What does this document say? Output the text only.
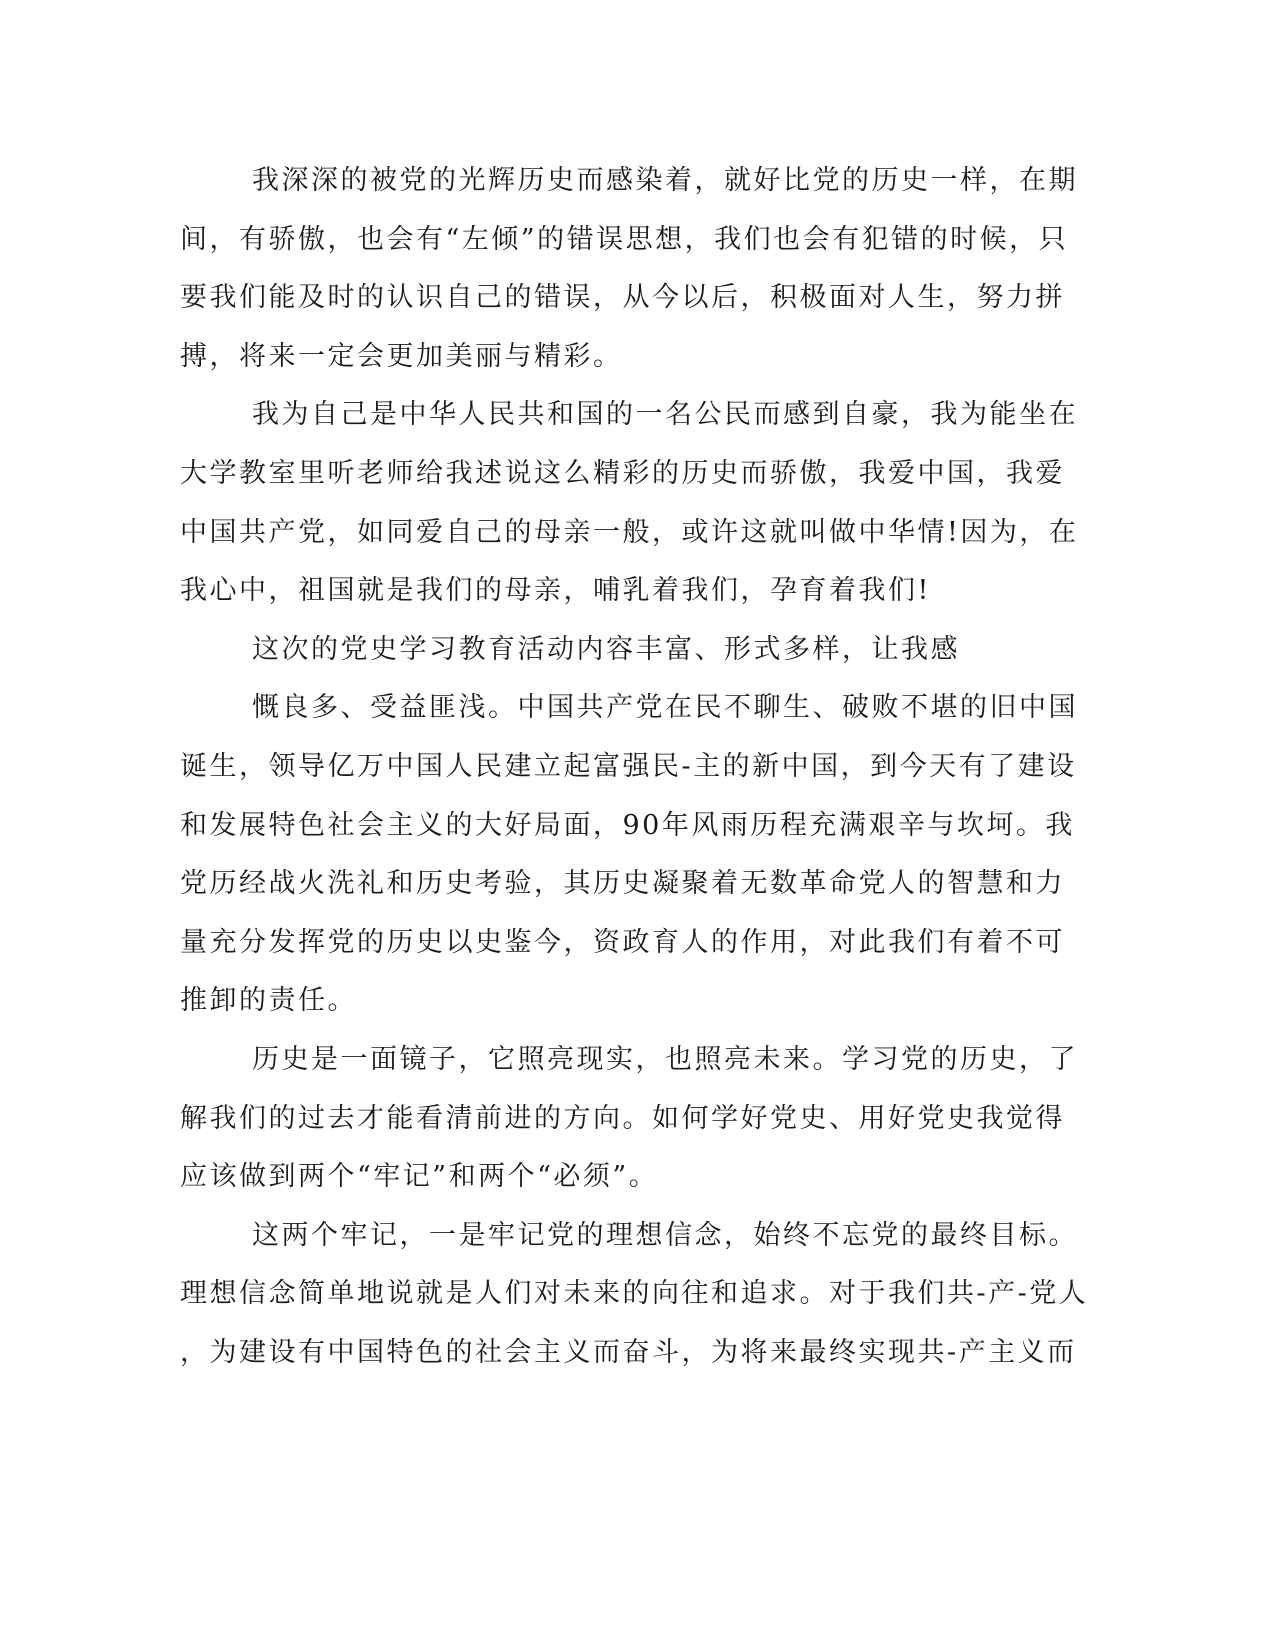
我深深的被党的光辉历史而感染着，就好比党的历史一样，在期
间，有骄傲，也会有“左倾”的错误思想，我们也会有犯错的时候，只
要我们能及时的认识自己的错误，从今以后，积极面对人生，努力拼
搏，将来一定会更加美丽与精彩。
我为自己是中华人民共和国的一名公民而感到自豪，我为能坐在
大学教室里听老师给我述说这么精彩的历史而骄傲，我爱中国，我爱
中国共产党，如同爱自己的母亲一般，或许这就叫做中华情!因为，在
我心中，祖国就是我们的母亲，哺乳着我们，孕育着我们!
这次的党史学习教育活动内容丰富、形式多样，让我感
慨良多、受益匪浅。中国共产党在民不聊生、破败不堪的旧中国
诞生，领导亿万中国人民建立起富强民-主的新中国，到今天有了建设
和发展特色社会主义的大好局面，90年风雨历程充满艰辛与坎坷。我
党历经战火洗礼和历史考验，其历史凝聚着无数革命党人的智慧和力
量充分发挥党的历史以史鉴今，资政育人的作用，对此我们有着不可
推卸的责任。
历史是一面镜子，它照亮现实，也照亮未来。学习党的历史，了
解我们的过去才能看清前进的方向。如何学好党史、用好党史我觉得
应该做到两个“牢记”和两个“必须”。
这两个牢记，一是牢记党的理想信念，始终不忘党的最终目标。
理想信念简单地说就是人们对未来的向往和追求。对于我们共-产-党人
，为建设有中国特色的社会主义而奋斗，为将来最终实现共-产主义而
